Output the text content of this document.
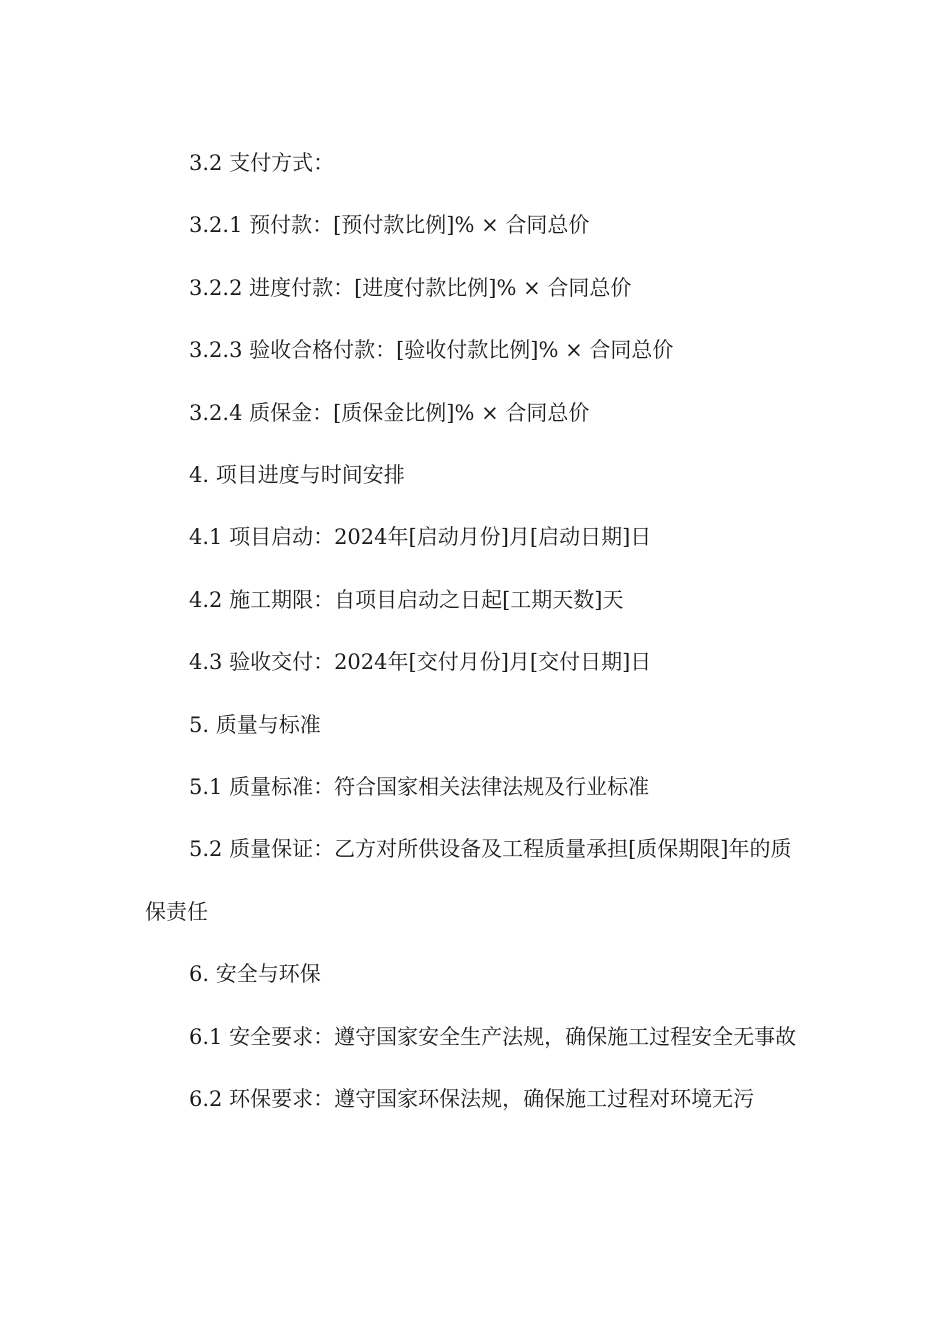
3.2 支付方式：

3.2.1 预付款：[预付款比例]% × 合同总价

3.2.2 进度付款：[进度付款比例]% × 合同总价

3.2.3 验收合格付款：[验收付款比例]% × 合同总价

3.2.4 质保金：[质保金比例]% × 合同总价

4. 项目进度与时间安排

4.1 项目启动：2024年[启动月份]月[启动日期]日

4.2 施工期限：自项目启动之日起[工期天数]天

4.3 验收交付：2024年[交付月份]月[交付日期]日

5. 质量与标准

5.1 质量标准：符合国家相关法律法规及行业标准

5.2 质量保证：乙方对所供设备及工程质量承担[质保期限]年的质保责任

6. 安全与环保

6.1 安全要求：遵守国家安全生产法规，确保施工过程安全无事故

6.2 环保要求：遵守国家环保法规，确保施工过程对环境无污
